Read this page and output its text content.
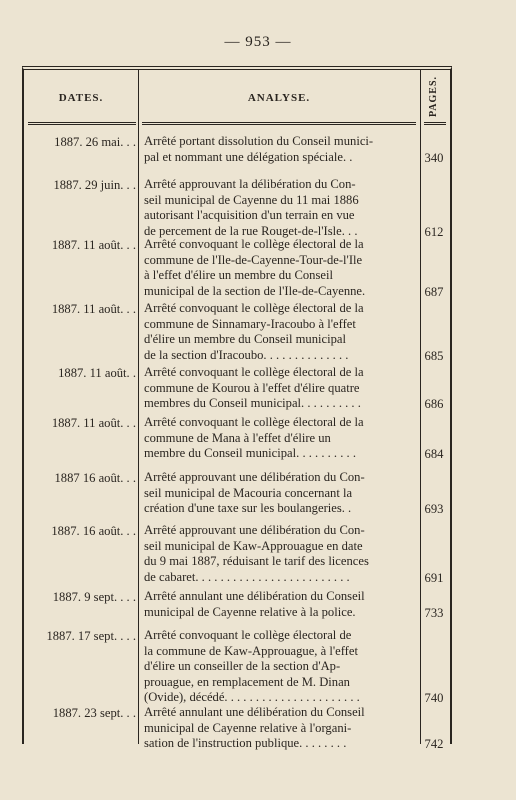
— 953 —
DATES.	ANALYSE.	PAGES.
1887. 26 mai. . . Arrêté portant dissolution du Conseil munici-
pal et nommant une délégation spéciale. .	340
1887. 29 juin. . . Arrêté approuvant la délibération du Con-
seil municipal de Cayenne du 11 mai 1886
autorisant l'acquisition d'un terrain en vue
de percement de la rue Rouget-de-l'Isle. . .	612
1887. 11 août. . . Arrêté convoquant le collège électoral de la
commune de l'Ile-de-Cayenne-Tour-de-l'Ile
à l'effet d'élire un membre du Conseil
municipal de la section de l'Ile-de-Cayenne.	687
1887. 11 août. . . Arrêté convoquant le collège électoral de la
commune de Sinnamary-Iracoubo à l'effet
d'élire un membre du Conseil municipal
de la section d'Iracoubo. . . . . . . . . . . . . .	685
1887. 11 août. . Arrêté convoquant le collège électoral de la
commune de Kourou à l'effet d'élire quatre
membres du Conseil municipal. . . . . . . . . .	686
1887. 11 août. . . Arrêté convoquant le collège électoral de la
commune de Mana à l'effet d'élire un
membre du Conseil municipal. . . . . . . . . .	684
1887 16 août. . . Arrêté approuvant une délibération du Con-
seil municipal de Macouria concernant la
création d'une taxe sur les boulangeries. .	693
1887. 16 août. . . Arrêté approuvant une délibération du Con-
seil municipal de Kaw-Approuague en date
du 9 mai 1887, réduisant le tarif des licences
de cabaret. . . . . . . . . . . . . . . . . . . . . . . . .	691
1887. 9 sept. . . . Arrêté annulant une délibération du Conseil
municipal de Cayenne relative à la police.	733
1887. 17 sept. . . . Arrêté convoquant le collège électoral de
la commune de Kaw-Approuague, à l'effet
d'élire un conseiller de la section d'Ap-
prouague, en remplacement de M. Dinan
(Ovide), décédé. . . . . . . . . . . . . . . . . . . . . .	740
1887. 23 sept. . . Arrêté annulant une délibération du Conseil
municipal de Cayenne relative à l'organi-
sation de l'instruction publique. . . . . . . .	742
